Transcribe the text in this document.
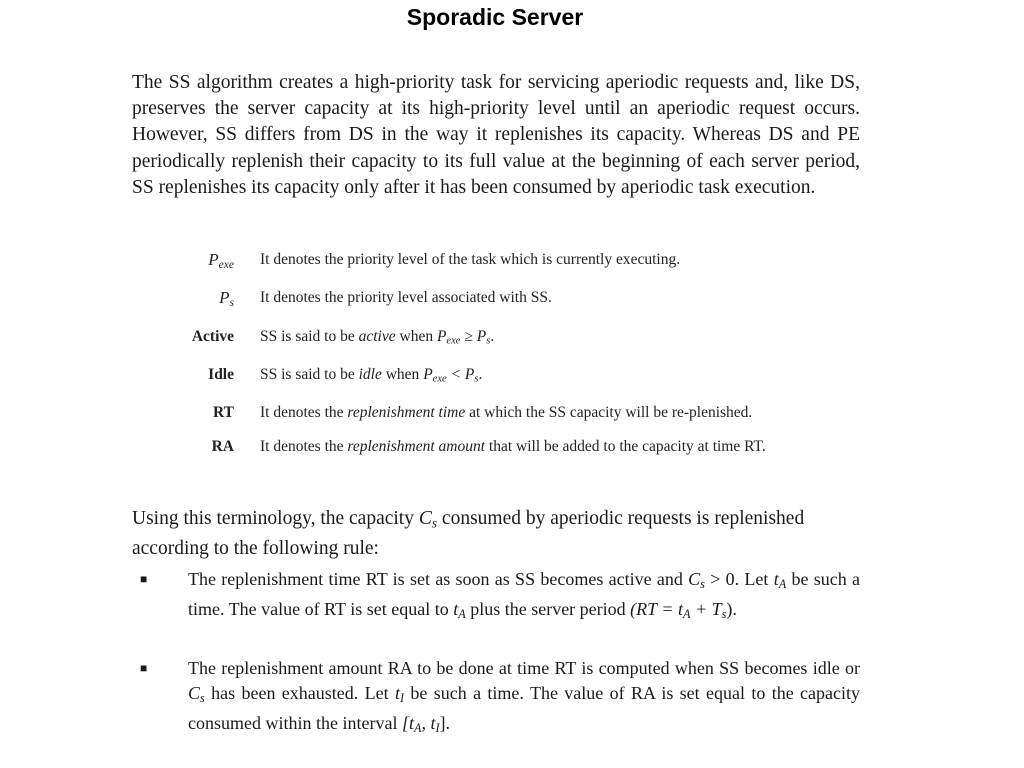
Sporadic Server
The SS algorithm creates a high-priority task for servicing aperiodic requests and, like DS, preserves the server capacity at its high-priority level until an aperiodic request occurs. However, SS differs from DS in the way it replenishes its capacity. Whereas DS and PE periodically replenish their capacity to its full value at the beginning of each server period, SS replenishes its capacity only after it has been consumed by aperiodic task execution.
$P_{exe}$	It denotes the priority level of the task which is currently executing.
$P_s$	It denotes the priority level associated with SS.
Active	SS is said to be active when $P_{exe} \ge P_s$.
Idle	SS is said to be idle when $P_{exe} < P_s$.
RT	It denotes the replenishment time at which the SS capacity will be re-plenished.
RA	It denotes the replenishment amount that will be added to the capacity at time RT.
Using this terminology, the capacity $C_s$ consumed by aperiodic requests is replenished according to the following rule:
■	The replenishment time RT is set as soon as SS becomes active and $C_s > 0$. Let $t_A$ be such a time. The value of RT is set equal to $t_A$ plus the server period $(RT = t_A + T_s)$.
■	The replenishment amount RA to be done at time RT is computed when SS becomes idle or $C_s$ has been exhausted. Let $t_I$ be such a time. The value of RA is set equal to the capacity consumed within the interval [$t_A$, $t_I$].
